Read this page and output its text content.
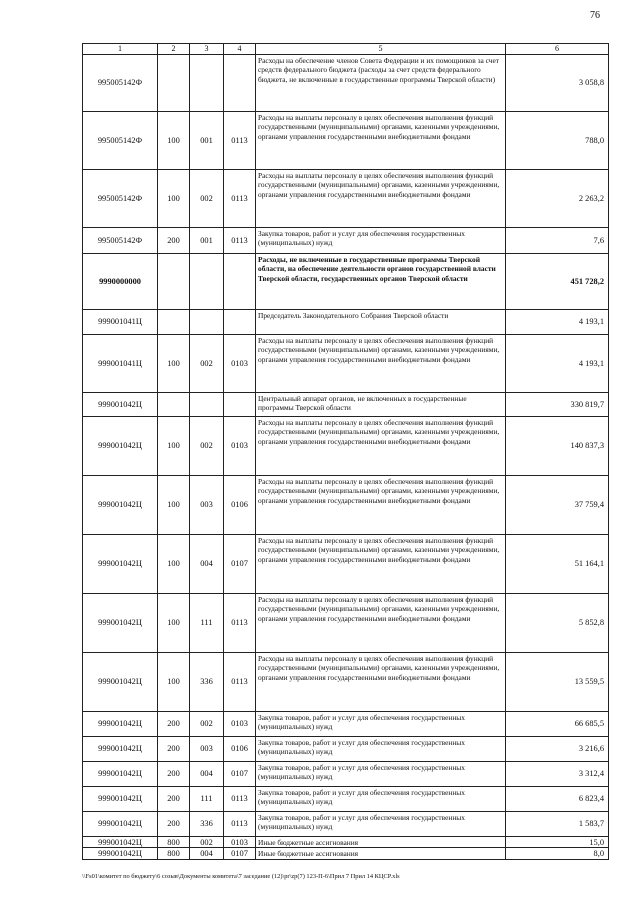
76
1	2	3	4	5	6
995005142Ф				Расходы на обеспечение членов Совета Федерации и их помощников за счет средств федерального бюджета (расходы за счет средств федерального бюджета, не включенные в государственные программы Тверской области)	3 058,8
995005142Ф	100	001	0113	Расходы на выплаты персоналу в целях обеспечения выполнения функций государственными (муниципальными) органами, казенными учреждениями, органами управления государственными внебюджетными фондами	788,0
995005142Ф	100	002	0113	Расходы на выплаты персоналу в целях обеспечения выполнения функций государственными (муниципальными) органами, казенными учреждениями, органами управления государственными внебюджетными фондами	2 263,2
995005142Ф	200	001	0113	Закупка товаров, работ и услуг для обеспечения государственных (муниципальных) нужд	7,6
9990000000				Расходы, не включенные в государственные программы Тверской области, на обеспечение деятельности органов государственной власти Тверской области, государственных органов Тверской области	451 728,2
999001041Ц				Председатель Законодательного Собрания Тверской области	4 193,1
999001041Ц	100	002	0103	Расходы на выплаты персоналу в целях обеспечения выполнения функций государственными (муниципальными) органами, казенными учреждениями, органами управления государственными внебюджетными фондами	4 193,1
999001042Ц				Центральный аппарат органов, не включенных в государственные программы Тверской области	330 819,7
999001042Ц	100	002	0103	Расходы на выплаты персоналу в целях обеспечения выполнения функций государственными (муниципальными) органами, казенными учреждениями, органами управления государственными внебюджетными фондами	140 837,3
999001042Ц	100	003	0106	Расходы на выплаты персоналу в целях обеспечения выполнения функций государственными (муниципальными) органами, казенными учреждениями, органами управления государственными внебюджетными фондами	37 759,4
999001042Ц	100	004	0107	Расходы на выплаты персоналу в целях обеспечения выполнения функций государственными (муниципальными) органами, казенными учреждениями, органами управления государственными внебюджетными фондами	51 164,1
999001042Ц	100	111	0113	Расходы на выплаты персоналу в целях обеспечения выполнения функций государственными (муниципальными) органами, казенными учреждениями, органами управления государственными внебюджетными фондами	5 852,8
999001042Ц	100	336	0113	Расходы на выплаты персоналу в целях обеспечения выполнения функций государственными (муниципальными) органами, казенными учреждениями, органами управления государственными внебюджетными фондами	13 559,5
999001042Ц	200	002	0103	Закупка товаров, работ и услуг для обеспечения государственных (муниципальных) нужд	66 685,5
999001042Ц	200	003	0106	Закупка товаров, работ и услуг для обеспечения государственных (муниципальных) нужд	3 216,6
999001042Ц	200	004	0107	Закупка товаров, работ и услуг для обеспечения государственных (муниципальных) нужд	3 312,4
999001042Ц	200	111	0113	Закупка товаров, работ и услуг для обеспечения государственных (муниципальных) нужд	6 823,4
999001042Ц	200	336	0113	Закупка товаров, работ и услуг для обеспечения государственных (муниципальных) нужд	1 583,7
999001042Ц	800	002	0103	Иные бюджетные ассигнования	15,0
999001042Ц	800	004	0107	Иные бюджетные ассигнования	8,0
\\Fs01\комитет по бюджету\6 созыв\Документы комитета\7 заседание (12)\pr\zp(7) 123-П-6\Прил 7 Прил 14 КЦСР.xls
